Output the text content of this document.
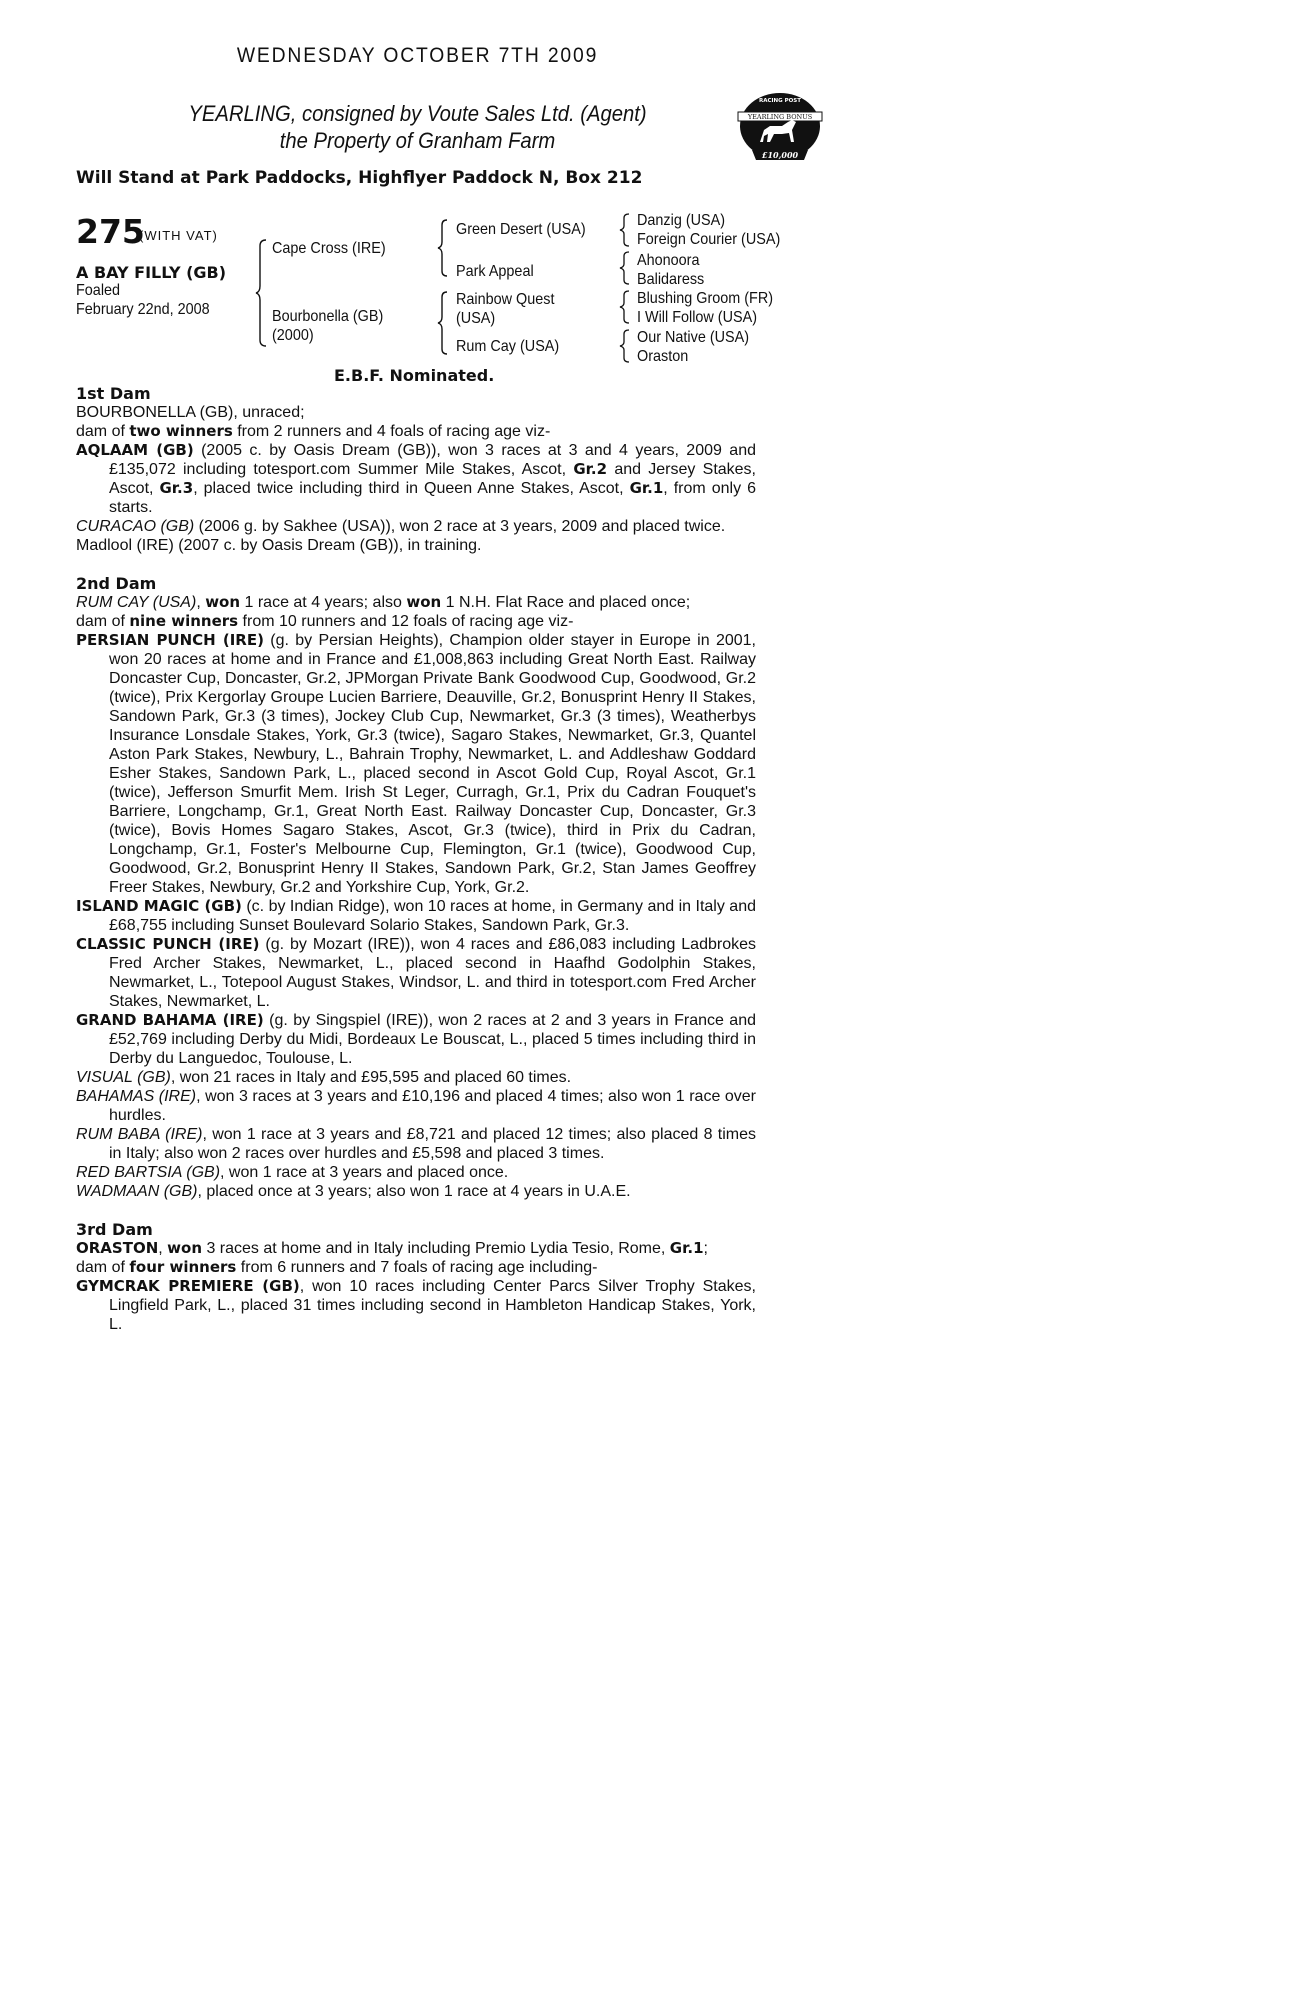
WEDNESDAY OCTOBER 7TH 2009
YEARLING, consigned by Voute Sales Ltd. (Agent)
the Property of Granham Farm
Will Stand at Park Paddocks, Highflyer Paddock N, Box 212
RACING POST
YEARLING BONUS
£10,000
275
(WITH VAT)
A BAY FILLY (GB)
Foaled
February 22nd, 2008
Cape Cross (IRE)
Bourbonella (GB)
(2000)
Green Desert (USA)
Park Appeal
Rainbow Quest
(USA)
Rum Cay (USA)
Danzig (USA)
Foreign Courier (USA)
Ahonoora
Balidaress
Blushing Groom (FR)
I Will Follow (USA)
Our Native (USA)
Oraston
E.B.F. Nominated.
1st Dam

BOURBONELLA (GB), unraced;

dam of two winners from 2 runners and 4 foals of racing age viz-

AQLAAM (GB) (2005 c. by Oasis Dream (GB)), won 3 races at 3 and 4 years, 2009 and £135,072 including totesport.com Summer Mile Stakes, Ascot, Gr.2 and Jersey Stakes, Ascot, Gr.3, placed twice including third in Queen Anne Stakes, Ascot, Gr.1, from only 6 starts.

CURACAO (GB) (2006 g. by Sakhee (USA)), won 2 race at 3 years, 2009 and placed twice.

Madlool (IRE) (2007 c. by Oasis Dream (GB)), in training.

2nd Dam

RUM CAY (USA), won 1 race at 4 years; also won 1 N.H. Flat Race and placed once;

dam of nine winners from 10 runners and 12 foals of racing age viz-

PERSIAN PUNCH (IRE) (g. by Persian Heights), Champion older stayer in Europe in 2001, won 20 races at home and in France and £1,008,863 including Great North East. Railway Doncaster Cup, Doncaster, Gr.2, JPMorgan Private Bank Goodwood Cup, Goodwood, Gr.2 (twice), Prix Kergorlay Groupe Lucien Barriere, Deauville, Gr.2, Bonusprint Henry II Stakes, Sandown Park, Gr.3 (3 times), Jockey Club Cup, Newmarket, Gr.3 (3 times), Weatherbys Insurance Lonsdale Stakes, York, Gr.3 (twice), Sagaro Stakes, Newmarket, Gr.3, Quantel Aston Park Stakes, Newbury, L., Bahrain Trophy, Newmarket, L. and Addleshaw Goddard Esher Stakes, Sandown Park, L., placed second in Ascot Gold Cup, Royal Ascot, Gr.1 (twice), Jefferson Smurfit Mem. Irish St Leger, Curragh, Gr.1, Prix du Cadran Fouquet's Barriere, Longchamp, Gr.1, Great North East. Railway Doncaster Cup, Doncaster, Gr.3 (twice), Bovis Homes Sagaro Stakes, Ascot, Gr.3 (twice), third in Prix du Cadran, Longchamp, Gr.1, Foster's Melbourne Cup, Flemington, Gr.1 (twice), Goodwood Cup, Goodwood, Gr.2, Bonusprint Henry II Stakes, Sandown Park, Gr.2, Stan James Geoffrey Freer Stakes, Newbury, Gr.2 and Yorkshire Cup, York, Gr.2.

ISLAND MAGIC (GB) (c. by Indian Ridge), won 10 races at home, in Germany and in Italy and £68,755 including Sunset Boulevard Solario Stakes, Sandown Park, Gr.3.

CLASSIC PUNCH (IRE) (g. by Mozart (IRE)), won 4 races and £86,083 including Ladbrokes Fred Archer Stakes, Newmarket, L., placed second in Haafhd Godolphin Stakes, Newmarket, L., Totepool August Stakes, Windsor, L. and third in totesport.com Fred Archer Stakes, Newmarket, L.

GRAND BAHAMA (IRE) (g. by Singspiel (IRE)), won 2 races at 2 and 3 years in France and £52,769 including Derby du Midi, Bordeaux Le Bouscat, L., placed 5 times including third in Derby du Languedoc, Toulouse, L.

VISUAL (GB), won 21 races in Italy and £95,595 and placed 60 times.

BAHAMAS (IRE), won 3 races at 3 years and £10,196 and placed 4 times; also won 1 race over hurdles.

RUM BABA (IRE), won 1 race at 3 years and £8,721 and placed 12 times; also placed 8 times in Italy; also won 2 races over hurdles and £5,598 and placed 3 times.

RED BARTSIA (GB), won 1 race at 3 years and placed once.

WADMAAN (GB), placed once at 3 years; also won 1 race at 4 years in U.A.E.

3rd Dam

ORASTON, won 3 races at home and in Italy including Premio Lydia Tesio, Rome, Gr.1;

dam of four winners from 6 runners and 7 foals of racing age including-

GYMCRAK PREMIERE (GB), won 10 races including Center Parcs Silver Trophy Stakes, Lingfield Park, L., placed 31 times including second in Hambleton Handicap Stakes, York, L.
